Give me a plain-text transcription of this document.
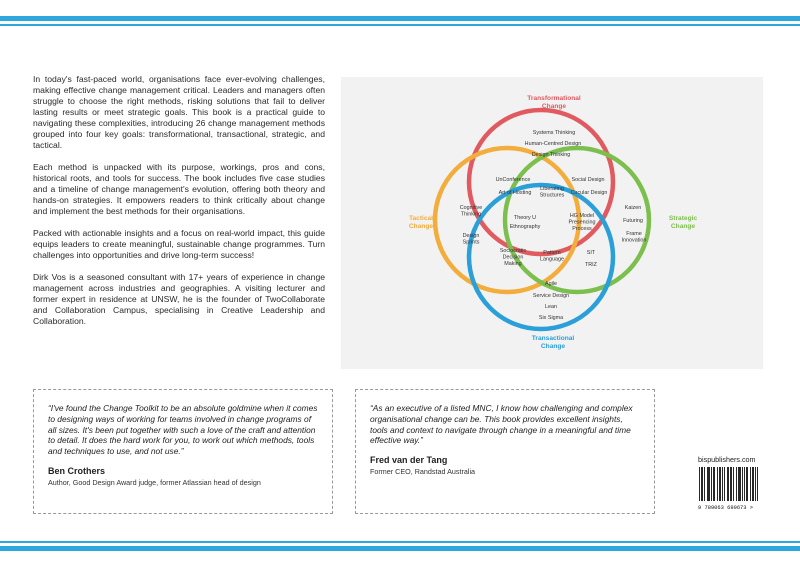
In today's fast-paced world, organisations face ever-evolving challenges, making effective change management critical. Leaders and managers often struggle to choose the right methods, risking solutions that fail to deliver lasting results or meet strategic goals. This book is a practical guide to navigating these complexities, introducing 26 change management methods grouped into four key goals: transformational, transactional, strategic, and tactical.

Each method is unpacked with its purpose, workings, pros and cons, historical roots, and tools for success. The book includes five case studies and a timeline of change management's evolution, offering both theory and hands-on strategies. It empowers readers to think critically about change and implement the best methods for their organisations.

Packed with actionable insights and a focus on real-world impact, this guide equips leaders to create meaningful, sustainable change programmes. Turn challenges into opportunities and drive long-term success!

Dirk Vos is a seasoned consultant with 17+ years of experience in change management across industries and geographies. A visiting lecturer and former expert in residence at UNSW, he is the founder of TwoCollaborate and Collaboration Campus, specialising in Creative Leadership and Collaboration.

Transformational Change
Tactical Change
Strategic Change
Transactional Change
Systems Thinking
Human-Centred Design
Design Thinking
UnConference	Social Design
Art of Hosting
Liberating Structures Circular Design
Cognitive Thinking
Theory U Ethnography
HG Model Presencing Process
Kaizen
Futuring
Frame Innovation
Design Sprints
Sociocratic Decision Making
Pattern Language
SIT
TRIZ
Agile
Service Design
Lean
Six Sigma

“I've found the Change Toolkit to be an absolute goldmine when it comes to designing ways of working for teams involved in change programs of all sizes. It's been put together with such a love of the craft and attention to detail. It does the hard work for you, to work out which methods, tools and techniques to use, and not use.”

Ben Crothers

Author, Good Design Award judge, former Atlassian head of design

“As an executive of a listed MNC, I know how challenging and complex organisational change can be. This book provides excellent insights, tools and context to navigate through change in a meaningful and time effective way.”

Fred van der Tang

Former CEO, Randstad Australia

bispublishers.com
9 789063 699673 >
